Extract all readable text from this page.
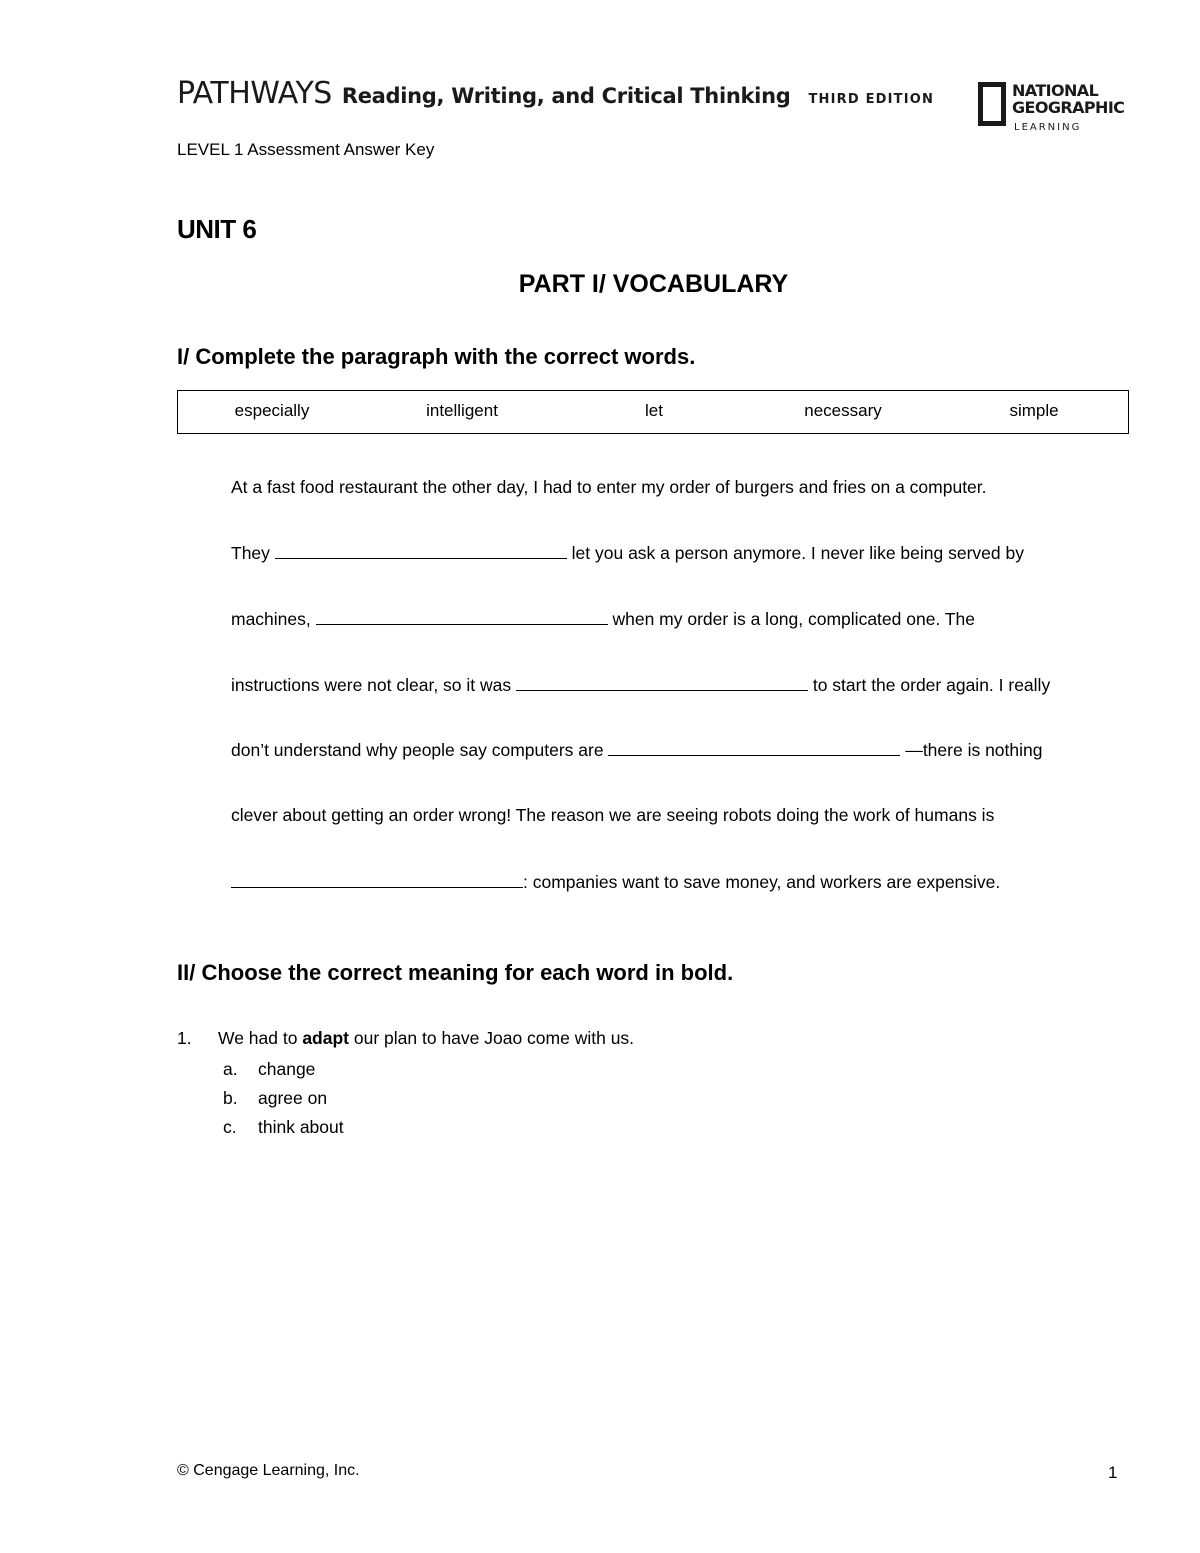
PATHWAYS Reading, Writing, and Critical Thinking THIRD EDITION	NATIONAL
GEOGRAPHIC
LEARNING
LEVEL 1 Assessment Answer Key
UNIT 6
PART I/ VOCABULARY
I/ Complete the paragraph with the correct words.
especially	intelligent	let	necessary	simple
At a fast food restaurant the other day, I had to enter my order of burgers and fries on a computer.
They	let you ask a person anymore. I never like being served by
machines,	when my order is a long, complicated one. The
instructions were not clear, so it was	to start the order again. I really
don’t understand why people say computers are	—there is nothing
clever about getting an order wrong! The reason we are seeing robots doing the work of humans is
: companies want to save money, and workers are expensive.
II/ Choose the correct meaning for each word in bold.
1. We had to adapt our plan to have Joao come with us.
a. change
b. agree on
c. think about
© Cengage Learning, Inc.	1
